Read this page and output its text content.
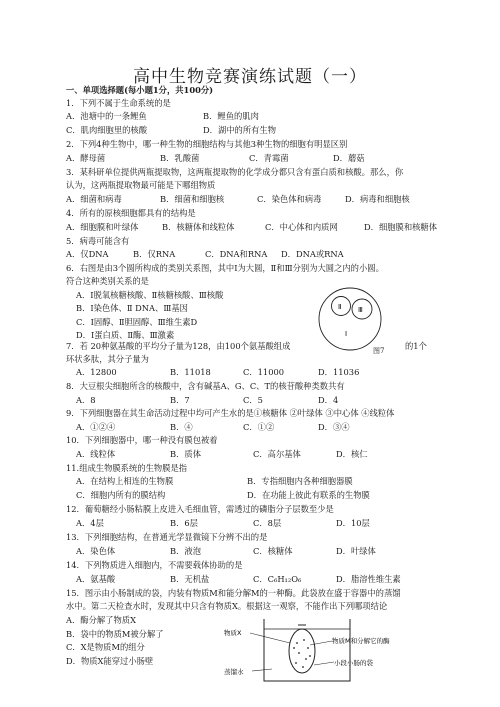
高中生物竞赛演练试题（一）
一、单项选择题(每小题1分，共100分)
1．下列不属于生命系统的是
A．池塘中的一条鲤鱼	B．鲤鱼的肌肉
C．肌肉细胞里的核酸	D．湖中的所有生物
2．下列4种生物中，哪一种生物的细胞结构与其他3种生物的细胞有明显区别
A．酵母菌	B．乳酸菌	C．青霉菌	D．蘑菇
3．某科研单位提供两瓶提取物，这两瓶提取物的化学成分都只含有蛋白质和核酸。那么，你
认为，这两瓶提取物最可能是下哪组物质
A．细菌和病毒	B．细菌和细胞核	C．染色体和病毒	D．病毒和细胞核
4．所有的原核细胞都具有的结构是
A．细胞膜和叶绿体	B．核糖体和线粒体	C．中心体和内质网	D．细胞膜和核糖体
5．病毒可能含有
A．仅DNA	B．仅RNA	C．DNA和RNA D．DNA或RNA
6．右图是由3个圆所构成的类别关系图，其中Ⅰ为大圆，Ⅱ和Ⅲ分别为大圆之内的小圆。
符合这种类别关系的是
A．Ⅰ脱氧核糖核酸、Ⅱ核糖核酸、Ⅲ核酸
B．Ⅰ染色体、Ⅱ DNA、Ⅲ基因
C．Ⅰ固醇、Ⅱ胆固醇、Ⅲ维生素D
D．Ⅰ蛋白质、Ⅱ酶、Ⅲ激素
Ⅱ Ⅲ
Ⅰ
图7
7．若 20种氨基酸的平均分子量为128，由100个氨基酸组成	的1个
环状多肽，其分子量为
A．12800	B．11018	C．11000	D．11036
8．大豆根尖细胞所含的核酸中，含有碱基A、G、C、T的核苷酸种类数共有
A．8	B．7	C．5	D．4
9．下列细胞器在其生命活动过程中均可产生水的是①核糖体 ②叶绿体 ③中心体 ④线粒体
A．①②④	B．④	C．①②	D．③④
10．下列细胞器中，哪一种没有膜包被着
A．线粒体	B．质体	C．高尔基体	D．核仁
11.组成生物膜系统的生物膜是指
A．在结构上相连的生物膜	B．专指细胞内各种细胞器膜
C．细胞内所有的膜结构	D．在功能上彼此有联系的生物膜
12．葡萄糖经小肠粘膜上皮进入毛细血管，需透过的磷脂分子层数至少是
A．4层	B．6层	C．8层	D．10层
13．下列细胞结构，在普通光学显微镜下分辨不出的是
A．染色体	B．液泡	C．核糖体	D．叶绿体
14．下列物质进入细胞内，不需要载体协助的是
A．氨基酸	B．无机盐	C．C₆H₁₂O₆	D．脂溶性维生素
15．图示由小肠制成的袋，内装有物质M和能分解M的一种酶。此袋放在盛于容器中的蒸馏
水中。第二天检查水时，发现其中只含有物质X。根据这一观察，不能作出下列哪项结论
A．酶分解了物质X
B．袋中的物质M被分解了
C．X是物质M的组分
D．物质X能穿过小肠壁
物质X
物质M和分解它的酶
蒸馏水
小段小肠的袋
